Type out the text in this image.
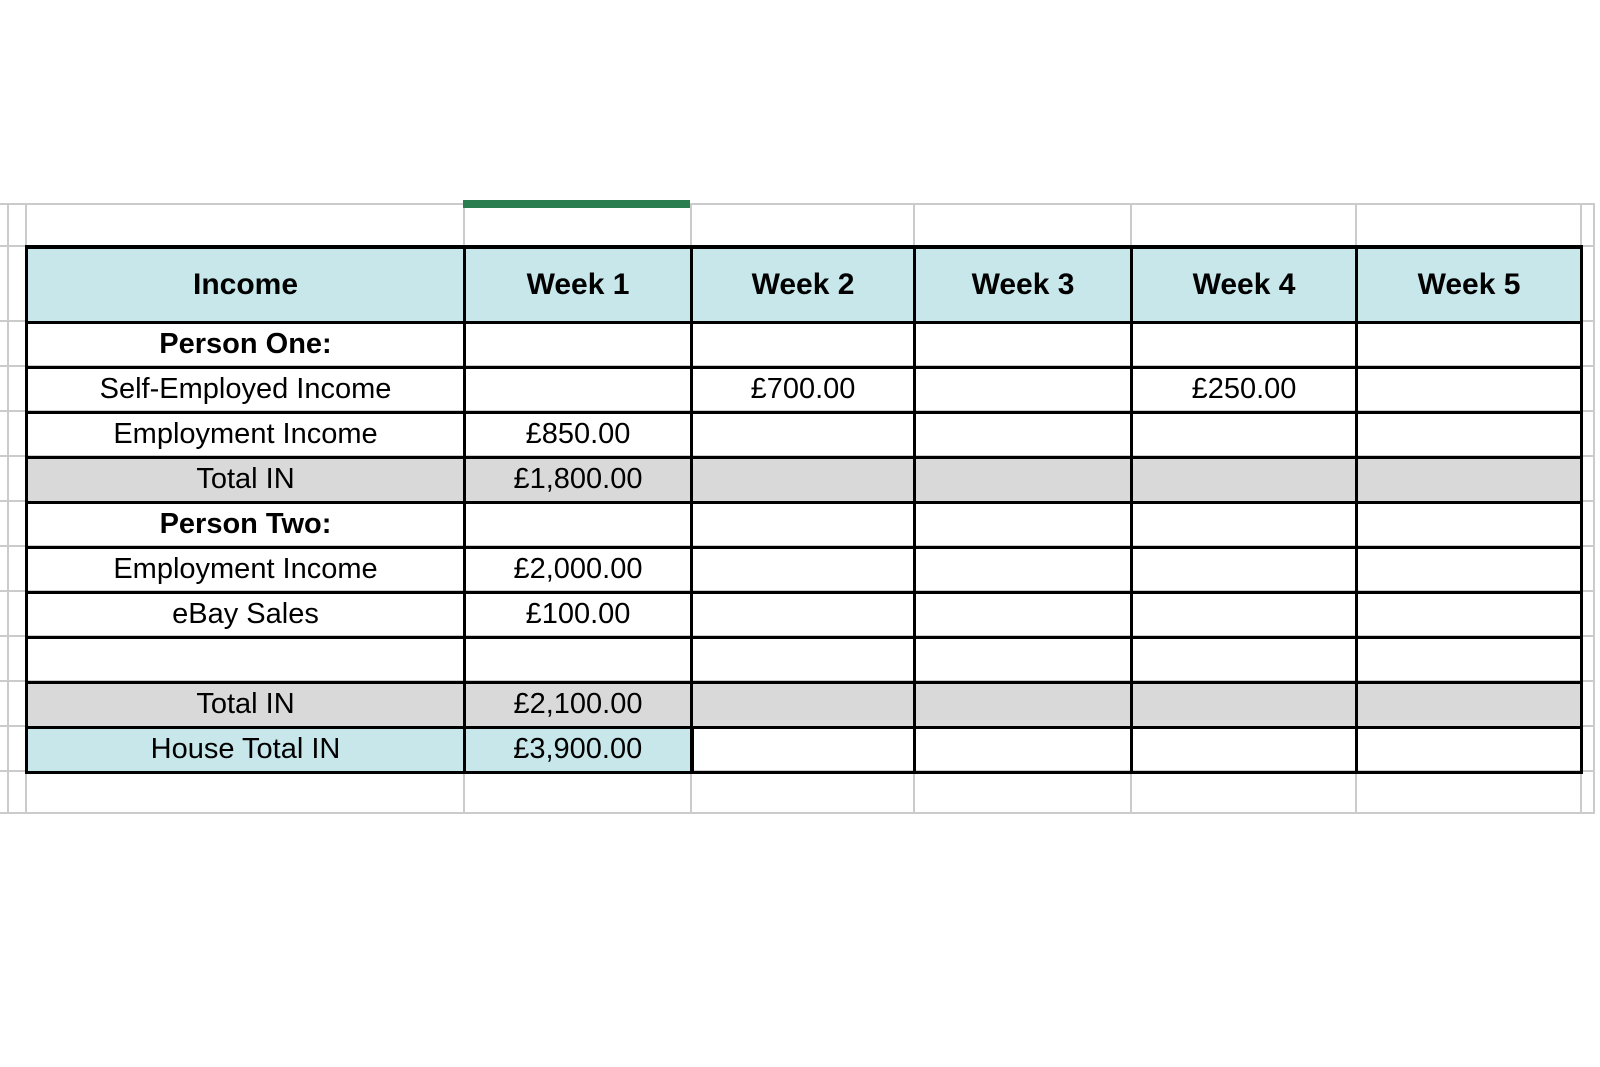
Income	Week 1	Week 2	Week 3	Week 4	Week 5
Person One:					
Self-Employed Income		£700.00		£250.00	
Employment Income	£850.00				
Total IN	£1,800.00				
Person Two:					
Employment Income	£2,000.00				
eBay Sales	£100.00				

Total IN	£2,100.00				
House Total IN	£3,900.00				
